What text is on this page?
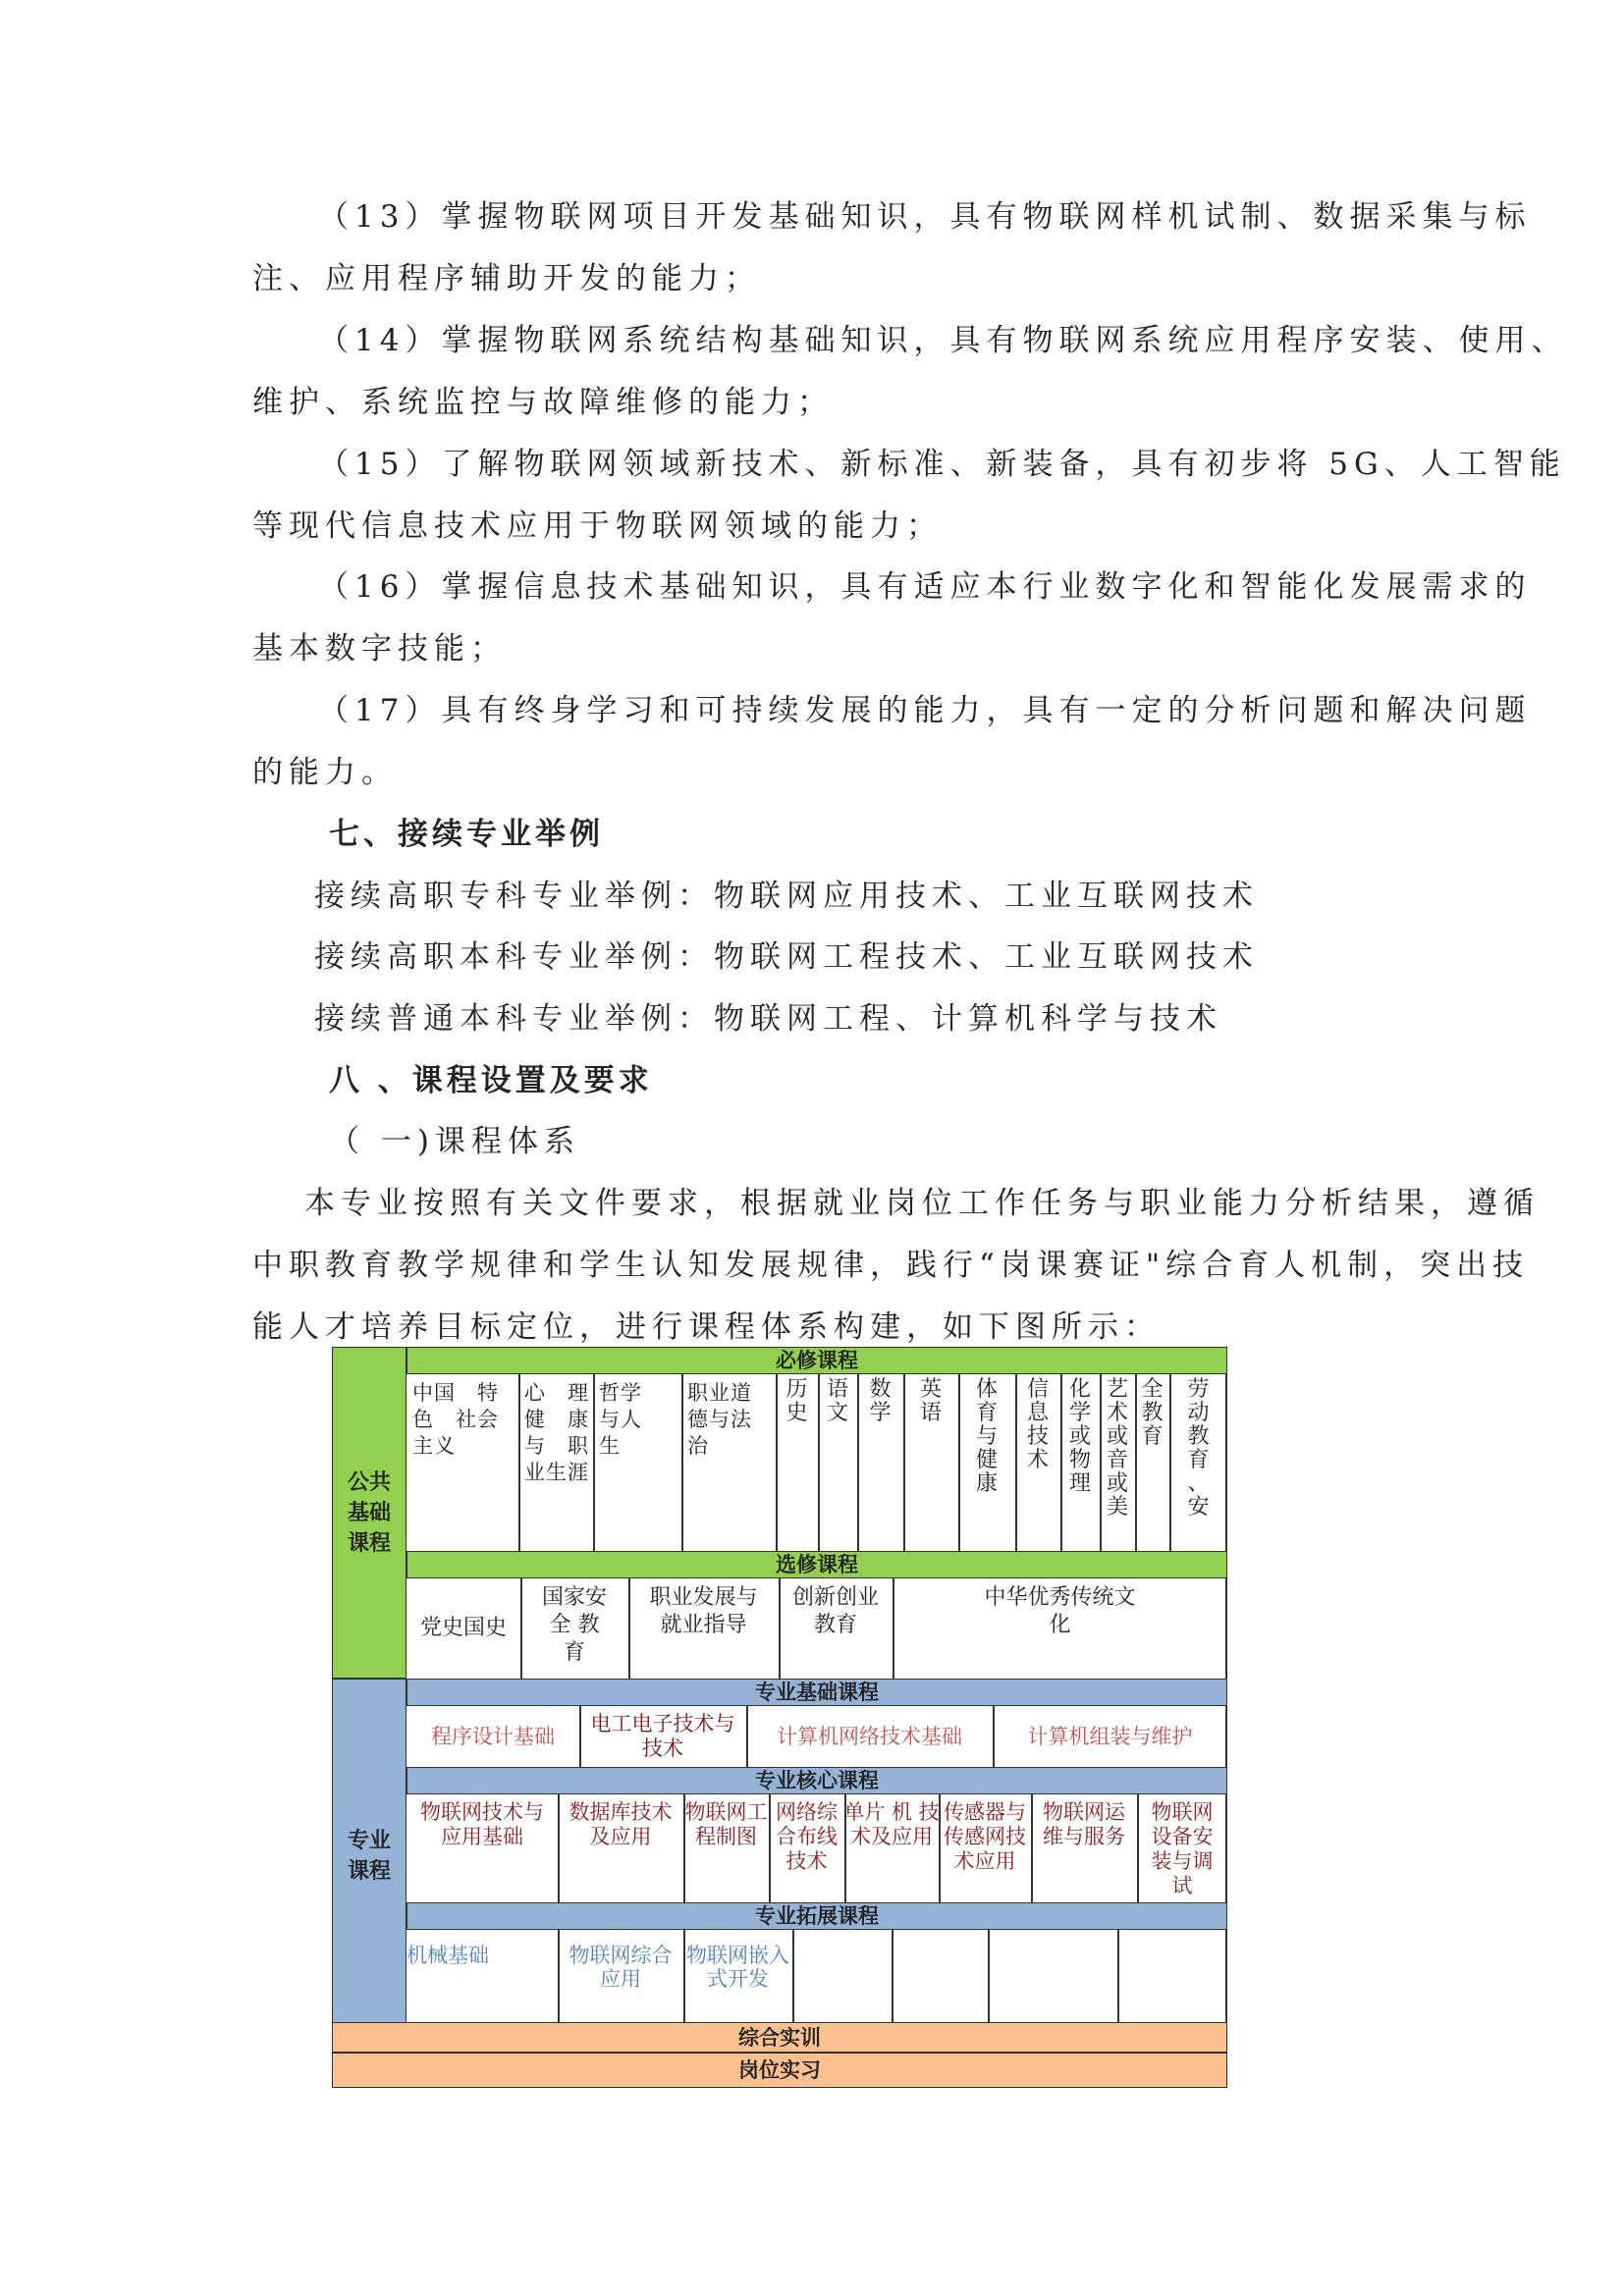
（13）掌握物联网项目开发基础知识，具有物联网样机试制、数据采集与标
注、应用程序辅助开发的能力；
（14）掌握物联网系统结构基础知识，具有物联网系统应用程序安装、使用、
维护、系统监控与故障维修的能力；
（15）了解物联网领域新技术、新标准、新装备，具有初步将 5G、人工智能
等现代信息技术应用于物联网领域的能力；
（16）掌握信息技术基础知识，具有适应本行业数字化和智能化发展需求的
基本数字技能；
（17）具有终身学习和可持续发展的能力，具有一定的分析问题和解决问题
的能力。
七、接续专业举例
接续高职专科专业举例：物联网应用技术、工业互联网技术
接续高职本科专业举例：物联网工程技术、工业互联网技术
接续普通本科专业举例：物联网工程、计算机科学与技术
八 、课程设置及要求
（ 一)课程体系
本专业按照有关文件要求，根据就业岗位工作任务与职业能力分析结果，遵循
中职教育教学规律和学生认知发展规律，践行“岗课赛证"综合育人机制，突出技
能人才培养目标定位，进行课程体系构建，如下图所示：
公共
基础
课程
专业
课程
必修课程
选修课程
专业基础课程
专业核心课程
专业拓展课程
综合实训
岗位实习
中国　特
色　社会
主义
心　理
健　康
与　职
业生涯
哲学
与人
生
职业道
德与法
治
历
史
语
文
数
学
英
语
体
育
与
健
康
信
息
技
术
化
学
或
物
理
艺
术
或
音
或
美
全
教
育
劳
动
教
育
、
安
党史国史
国家安
全 教
育
职业发展与
就业指导
创新创业
教育
中华优秀传统文
化
程序设计基础
电工电子技术与
技术
计算机网络技术基础	计算机组装与维护
物联网技术与
应用基础
数据库技术
及应用
物联网工
程制图
网络综
合布线
技术
单片 机 技
术及应用
传感器与
传感网技
术应用
物联网运
维与服务
物联网
设备安
装与调
试
机械基础	物联网综合
应用
物联网嵌入
式开发
